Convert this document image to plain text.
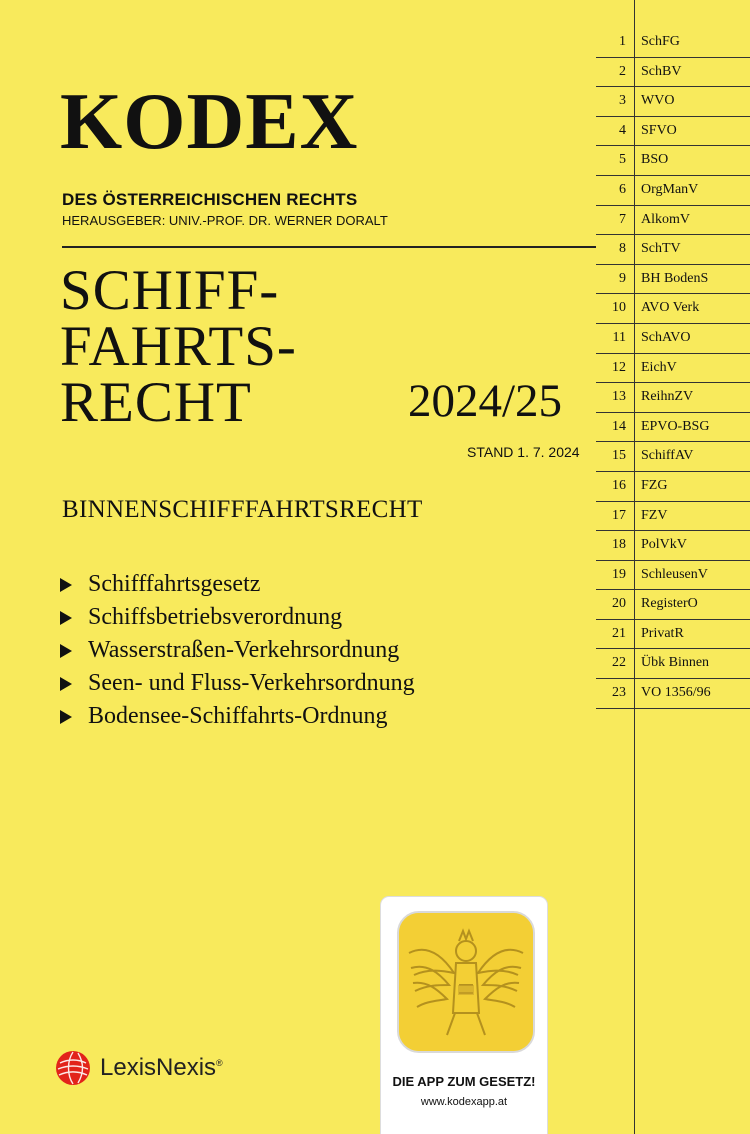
KODEX
DES ÖSTERREICHISCHEN RECHTS
HERAUSGEBER: UNIV.-PROF. DR. WERNER DORALT
SCHIFF-
FAHRTS-
RECHT	2024/25
STAND 1. 7. 2024
BINNENSCHIFFFAHRTSRECHT
Schifffahrtsgesetz
Schiffsbetriebsverordnung
Wasserstraßen-Verkehrsordnung
Seen- und Fluss-Verkehrsordnung
Bodensee-Schiffahrts-Ordnung
1 SchFG
2 SchBV
3 WVO
4 SFVO
5 BSO
6 OrgManV
7 AlkomV
8 SchTV
9 BH BodenS
10 AVO Verk
11 SchAVO
12 EichV
13 ReihnZV
14 EPVO-BSG
15 SchiffAV
16 FZG
17 FZV
18 PolVkV
19 SchleusenV
20 RegisterO
21 PrivatR
22 Übk Binnen
23 VO 1356/96
DIE APP ZUM GESETZ!
www.kodexapp.at
LexisNexis®
